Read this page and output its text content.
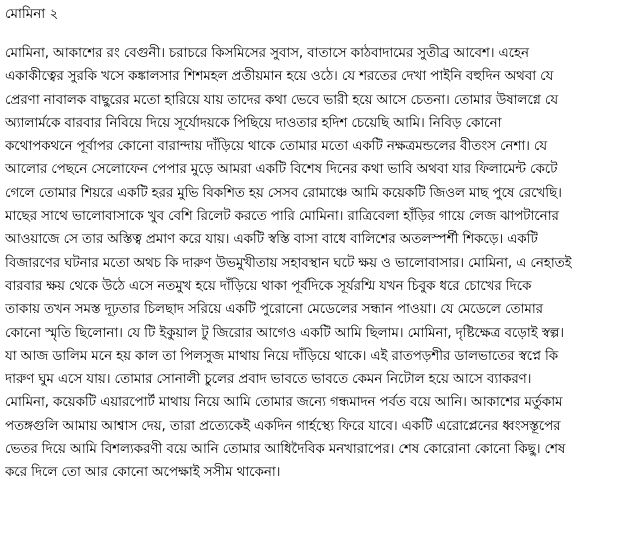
মোমিনা ২
মোমিনা, আকাশের রং বেগুনী। চরাচরে কিসমিসের সুবাস, বাতাসে কাঠবাদামের সুতীব্র আবেশ। এহেন
একাকীত্বের সুরকি খসে কঙ্কালসার শিশমহল প্রতীয়মান হয়ে ওঠে। যে শরতের দেখা পাইনি বহুদিন অথবা যে
প্রেরণা নাবালক বাছুরের মতো হারিয়ে যায় তাদের কথা ভেবে ভারী হয়ে আসে চেতনা। তোমার উষালগ্নে যে
অ্যালার্মকে বারবার নিবিয়ে দিয়ে সূর্যোদয়কে পিছিয়ে দাওতার হদিশ চেয়েছি আমি। নিবিড় কোনো
কথোপকথনে পূর্বাপর কোনো বারান্দায় দাঁড়িয়ে থাকে তোমার মতো একটি নক্ষত্রমন্ডলের বীতংস নেশা। যে
আলোর পেছনে সেলোফেন পেপার মুড়ে আমরা একটি বিশেষ দিনের কথা ভাবি অথবা যার ফিলামেন্ট কেটে
গেলে তোমার শিয়রে একটি হরর মুভি বিকশিত হয় সেসব রোমাঞ্চে আমি কয়েকটি জিওল মাছ পুষে রেখেছি।
মাছের সাথে ভালোবাসাকে খুব বেশি রিলেট করতে পারি মোমিনা। রাত্রিবেলা হাঁড়ির গায়ে লেজ ঝাপটানোর
আওয়াজে সে তার অস্তিত্ব প্রমাণ করে যায়। একটি স্বস্তি বাসা বাধে বালিশের অতলস্পর্শী শিকড়ে। একটি
বিজারণের ঘটনার মতো অথচ কি দারুণ উভমুখীতায় সহাবস্থান ঘটে ক্ষয় ও ভালোবাসার। মোমিনা, এ নেহাতই
বারবার ক্ষয় থেকে উঠে এসে নতমুখ হয়ে দাঁড়িয়ে থাকা পূর্বদিকে সূর্যরশ্মি যখন চিবুক ধরে চোখের দিকে
তাকায় তখন সমস্ত দূঢ়তার চিলছাদ সরিয়ে একটি পুরোনো মেডেলের সন্ধান পাওয়া। যে মেডেলে তোমার
কোনো স্মৃতি ছিলোনা। যে টি ইকুয়াল টু জিরোর আগেও একটি আমি ছিলাম। মোমিনা, দৃষ্টিক্ষেত্র বড়োই স্বল্প।
যা আজ ডালিম মনে হয় কাল তা পিলসুজ মাথায় নিয়ে দাঁড়িয়ে থাকে। এই রাতপড়শীর ডালভাতের স্বপ্নে কি
দারুণ ঘুম এসে যায়। তোমার সোনালী চুলের প্রবাদ ভাবতে ভাবতে কেমন নিটোল হয়ে আসে ব্যাকরণ।
মোমিনা, কয়েকটি এয়ারপোর্ট মাথায় নিয়ে আমি তোমার জন্যে গন্ধমাদন পর্বত বয়ে আনি। আকাশের মর্তুকাম
পতঙ্গগুলি আমায় আশ্বাস দেয়, তারা প্রত্যেকেই একদিন গার্হস্থ্যে ফিরে যাবে। একটি এরোপ্লেনের ধ্বংসস্তূপের
ভেতর দিয়ে আমি বিশল্যকরণী বয়ে আনি তোমার আধিদৈবিক মনখারাপের। শেষ কোরোনা কোনো কিছু। শেষ
করে দিলে তো আর কোনো অপেক্ষাই সসীম থাকেনা।
